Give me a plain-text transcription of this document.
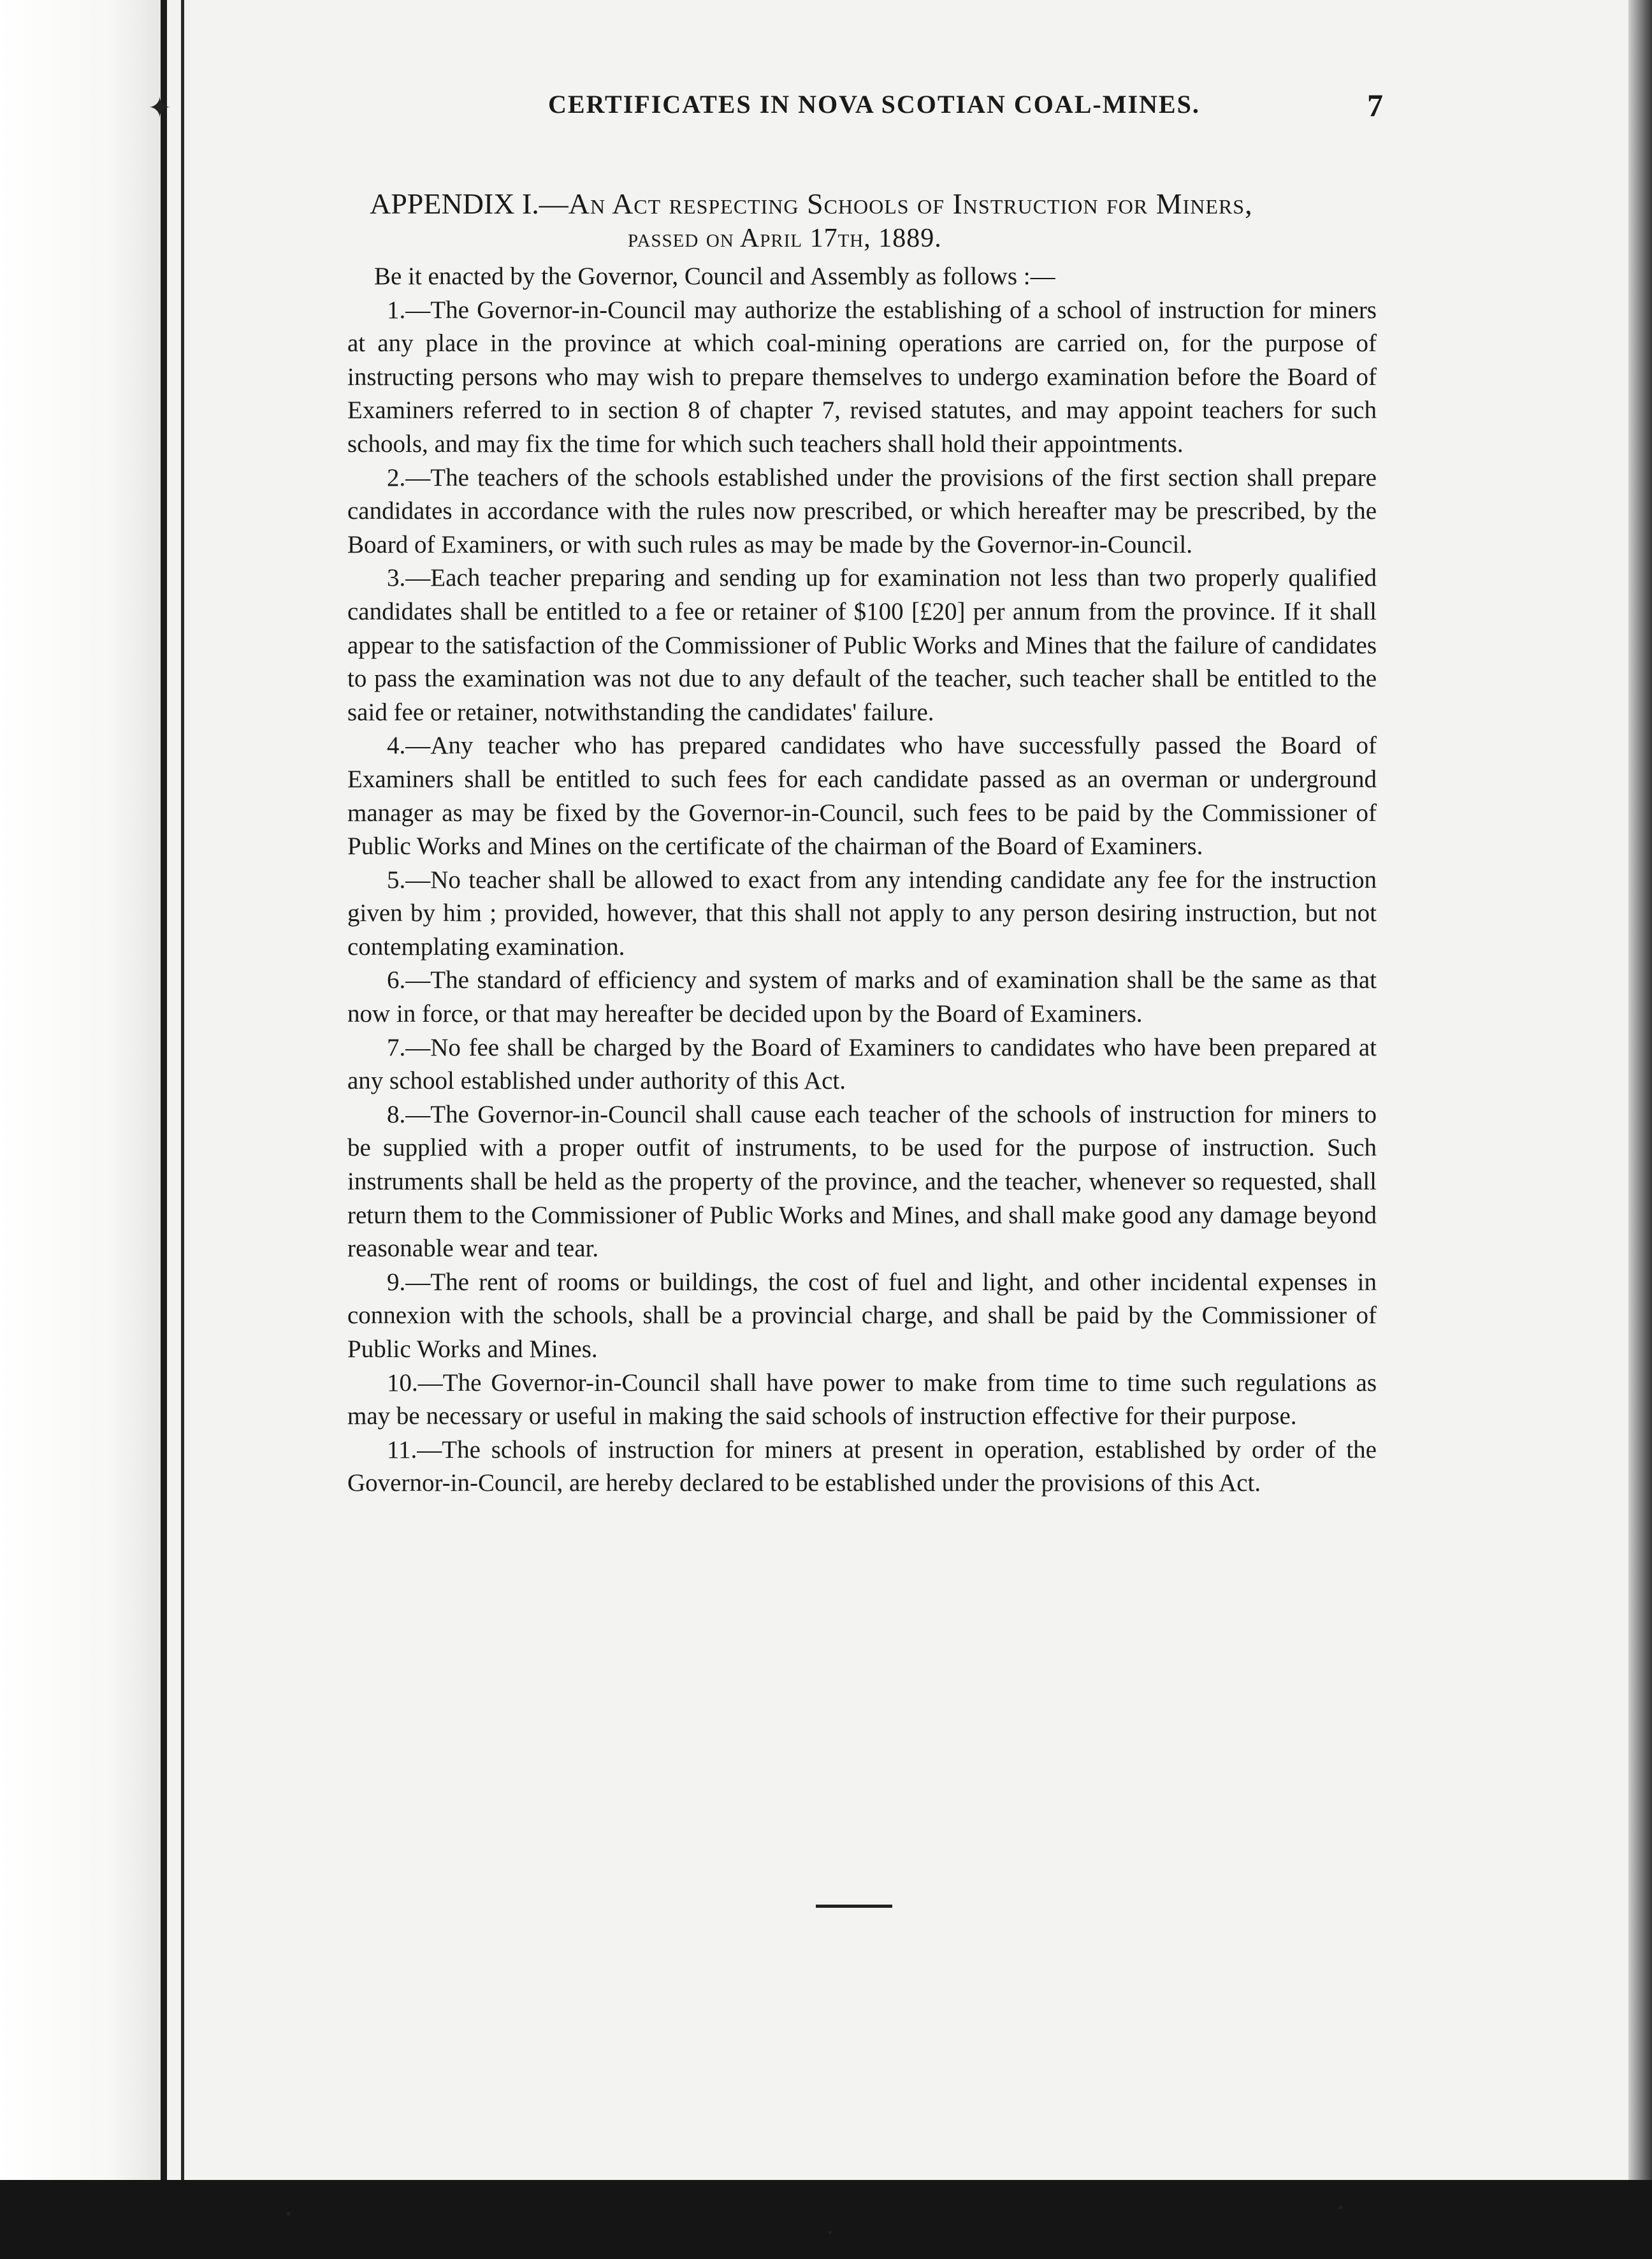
✦	CERTIFICATES IN NOVA SCOTIAN COAL-MINES.	7
APPENDIX I.—An Act respecting Schools of Instruction for Miners,
passed on April 17th, 1889.

Be it enacted by the Governor, Council and Assembly as follows :—

1.—The Governor-in-Council may authorize the establishing of a school of instruction for miners at any place in the province at which coal-mining operations are carried on, for the purpose of instructing persons who may wish to prepare themselves to undergo examination before the Board of Examiners referred to in section 8 of chapter 7, revised statutes, and may appoint teachers for such schools, and may fix the time for which such teachers shall hold their appointments.

2.—The teachers of the schools established under the provisions of the first section shall prepare candidates in accordance with the rules now prescribed, or which hereafter may be prescribed, by the Board of Examiners, or with such rules as may be made by the Governor-in-Council.

3.—Each teacher preparing and sending up for examination not less than two properly qualified candidates shall be entitled to a fee or retainer of $100 [£20] per annum from the province. If it shall appear to the satisfaction of the Commissioner of Public Works and Mines that the failure of candidates to pass the examination was not due to any default of the teacher, such teacher shall be entitled to the said fee or retainer, notwithstanding the candidates' failure.

4.—Any teacher who has prepared candidates who have successfully passed the Board of Examiners shall be entitled to such fees for each candidate passed as an overman or underground manager as may be fixed by the Governor-in-Council, such fees to be paid by the Commissioner of Public Works and Mines on the certificate of the chairman of the Board of Examiners.

5.—No teacher shall be allowed to exact from any intending candidate any fee for the instruction given by him ; provided, however, that this shall not apply to any person desiring instruction, but not contemplating examination.

6.—The standard of efficiency and system of marks and of examination shall be the same as that now in force, or that may hereafter be decided upon by the Board of Examiners.

7.—No fee shall be charged by the Board of Examiners to candidates who have been prepared at any school established under authority of this Act.

8.—The Governor-in-Council shall cause each teacher of the schools of instruction for miners to be supplied with a proper outfit of instruments, to be used for the purpose of instruction. Such instruments shall be held as the property of the province, and the teacher, whenever so requested, shall return them to the Commissioner of Public Works and Mines, and shall make good any damage beyond reasonable wear and tear.

9.—The rent of rooms or buildings, the cost of fuel and light, and other incidental expenses in connexion with the schools, shall be a provincial charge, and shall be paid by the Commissioner of Public Works and Mines.

10.—The Governor-in-Council shall have power to make from time to time such regulations as may be necessary or useful in making the said schools of instruction effective for their purpose.

11.—The schools of instruction for miners at present in operation, established by order of the Governor-in-Council, are hereby declared to be established under the provisions of this Act.
